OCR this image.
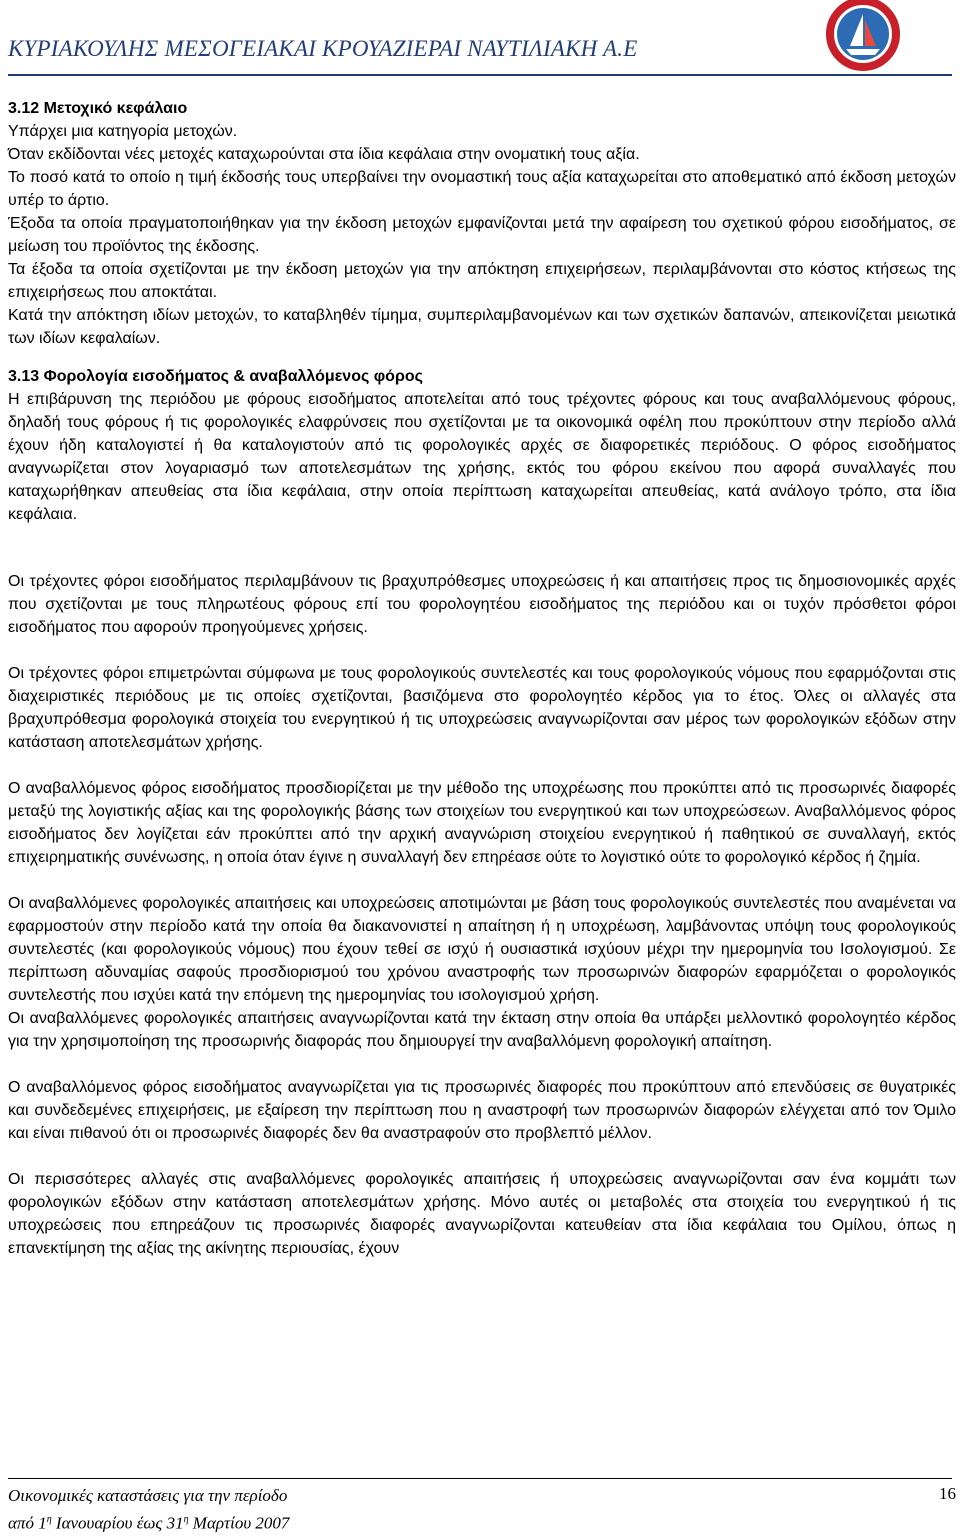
ΚΥΡΙΑΚΟΥΛΗΣ ΜΕΣΟΓΕΙΑΚΑΙ ΚΡΟΥΑΖΙΕΡΑΙ ΝΑΥΤΙΛΙΑΚΗ Α.Ε
3.12 Μετοχικό κεφάλαιο

Υπάρχει μια κατηγορία μετοχών.

Όταν εκδίδονται νέες μετοχές καταχωρούνται στα ίδια κεφάλαια στην ονοματική τους αξία.

Το ποσό κατά το οποίο η τιμή έκδοσής τους υπερβαίνει την ονομαστική τους αξία καταχωρείται στο αποθεματικό από έκδοση μετοχών υπέρ το άρτιο.

Έξοδα τα οποία πραγματοποιήθηκαν για την έκδοση μετοχών εμφανίζονται μετά την αφαίρεση του σχετικού φόρου εισοδήματος, σε μείωση του προϊόντος της έκδοσης.

Τα έξοδα τα οποία σχετίζονται με την έκδοση μετοχών για την απόκτηση επιχειρήσεων, περιλαμβάνονται στο κόστος κτήσεως της επιχειρήσεως που αποκτάται.

Κατά την απόκτηση ιδίων μετοχών, το καταβληθέν τίμημα, συμπεριλαμβανομένων και των σχετικών δαπανών, απεικονίζεται μειωτικά των ιδίων κεφαλαίων.

3.13 Φορολογία εισοδήματος & αναβαλλόμενος φόρος

Η επιβάρυνση της περιόδου με φόρους εισοδήματος αποτελείται από τους τρέχοντες φόρους και τους αναβαλλόμενους φόρους, δηλαδή τους φόρους ή τις φορολογικές ελαφρύνσεις που σχετίζονται με τα οικονομικά οφέλη που προκύπτουν στην περίοδο αλλά έχουν ήδη καταλογιστεί ή θα καταλογιστούν από τις φορολογικές αρχές σε διαφορετικές περιόδους. Ο φόρος εισοδήματος αναγνωρίζεται στον λογαριασμό των αποτελεσμάτων της χρήσης, εκτός του φόρου εκείνου που αφορά συναλλαγές που καταχωρήθηκαν απευθείας στα ίδια κεφάλαια, στην οποία περίπτωση καταχωρείται απευθείας, κατά ανάλογο τρόπο, στα ίδια κεφάλαια.

Οι τρέχοντες φόροι εισοδήματος περιλαμβάνουν τις βραχυπρόθεσμες υποχρεώσεις ή και απαιτήσεις προς τις δημοσιονομικές αρχές που σχετίζονται με τους πληρωτέους φόρους επί του φορολογητέου εισοδήματος της περιόδου και οι τυχόν πρόσθετοι φόροι εισοδήματος που αφορούν προηγούμενες χρήσεις.

Οι τρέχοντες φόροι επιμετρώνται σύμφωνα με τους φορολογικούς συντελεστές και τους φορολογικούς νόμους που εφαρμόζονται στις διαχειριστικές περιόδους με τις οποίες σχετίζονται, βασιζόμενα στο φορολογητέο κέρδος για το έτος. Όλες οι αλλαγές στα βραχυπρόθεσμα φορολογικά στοιχεία του ενεργητικού ή τις υποχρεώσεις αναγνωρίζονται σαν μέρος των φορολογικών εξόδων στην κατάσταση αποτελεσμάτων χρήσης.

Ο αναβαλλόμενος φόρος εισοδήματος προσδιορίζεται με την μέθοδο της υποχρέωσης που προκύπτει από τις προσωρινές διαφορές μεταξύ της λογιστικής αξίας και της φορολογικής βάσης των στοιχείων του ενεργητικού και των υποχρεώσεων. Αναβαλλόμενος φόρος εισοδήματος δεν λογίζεται εάν προκύπτει από την αρχική αναγνώριση στοιχείου ενεργητικού ή παθητικού σε συναλλαγή, εκτός επιχειρηματικής συνένωσης, η οποία όταν έγινε η συναλλαγή δεν επηρέασε ούτε το λογιστικό ούτε το φορολογικό κέρδος ή ζημία.

Οι αναβαλλόμενες φορολογικές απαιτήσεις και υποχρεώσεις αποτιμώνται με βάση τους φορολογικούς συντελεστές που αναμένεται να εφαρμοστούν στην περίοδο κατά την οποία θα διακανονιστεί η απαίτηση ή η υποχρέωση, λαμβάνοντας υπόψη τους φορολογικούς συντελεστές (και φορολογικούς νόμους) που έχουν τεθεί σε ισχύ ή ουσιαστικά ισχύουν μέχρι την ημερομηνία του Ισολογισμού. Σε περίπτωση αδυναμίας σαφούς προσδιορισμού του χρόνου αναστροφής των προσωρινών διαφορών εφαρμόζεται ο φορολογικός συντελεστής που ισχύει κατά την επόμενη της ημερομηνίας του ισολογισμού χρήση.

Οι αναβαλλόμενες φορολογικές απαιτήσεις αναγνωρίζονται κατά την έκταση στην οποία θα υπάρξει μελλοντικό φορολογητέο κέρδος για την χρησιμοποίηση της προσωρινής διαφοράς που δημιουργεί την αναβαλλόμενη φορολογική απαίτηση.

Ο αναβαλλόμενος φόρος εισοδήματος αναγνωρίζεται για τις προσωρινές διαφορές που προκύπτουν από επενδύσεις σε θυγατρικές και συνδεδεμένες επιχειρήσεις, με εξαίρεση την περίπτωση που η αναστροφή των προσωρινών διαφορών ελέγχεται από τον Όμιλο και είναι πιθανού ότι οι προσωρινές διαφορές δεν θα αναστραφούν στο προβλεπτό μέλλον.

Οι περισσότερες αλλαγές στις αναβαλλόμενες φορολογικές απαιτήσεις ή υποχρεώσεις αναγνωρίζονται σαν ένα κομμάτι των φορολογικών εξόδων στην κατάσταση αποτελεσμάτων χρήσης. Μόνο αυτές οι μεταβολές στα στοιχεία του ενεργητικού ή τις υποχρεώσεις που επηρεάζουν τις προσωρινές διαφορές αναγνωρίζονται κατευθείαν στα ίδια κεφάλαια του Ομίλου, όπως η επανεκτίμηση της αξίας της ακίνητης περιουσίας, έχουν

Οικονομικές καταστάσεις για την περίοδο
από $1^\eta$ Ιανουαρίου έως $31^\eta$ Μαρτίου 2007
16
